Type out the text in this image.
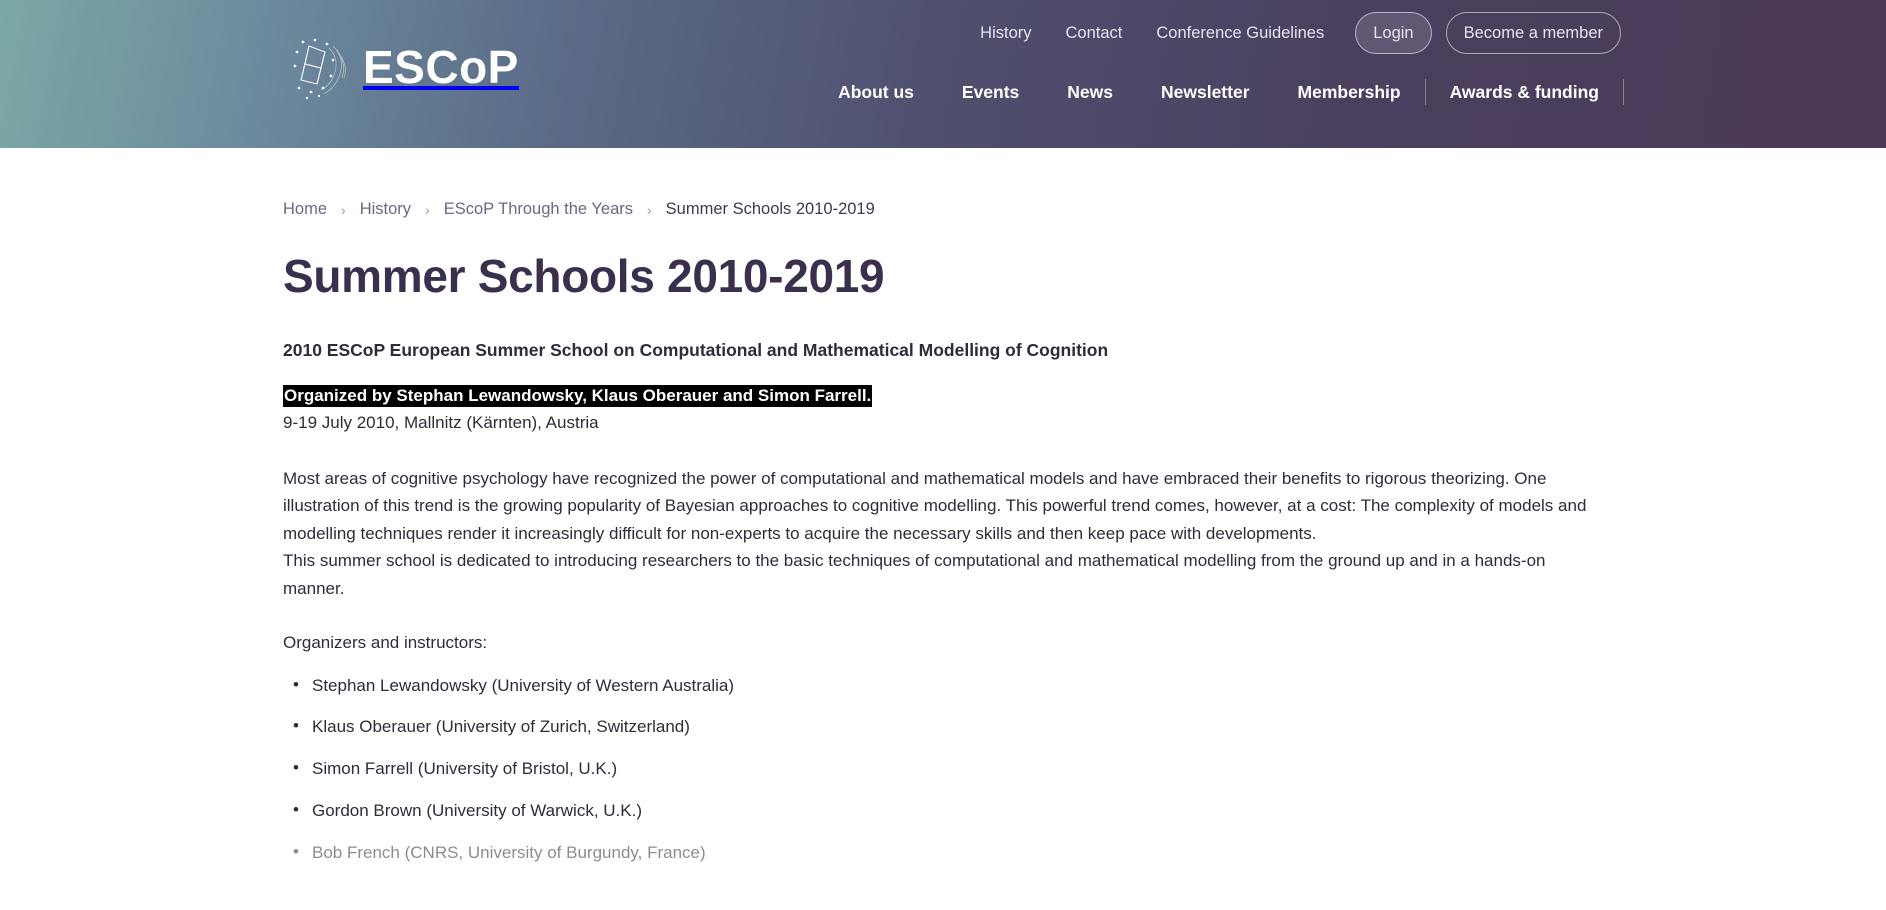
ESCoP
History	Contact	Conference Guidelines	Login	Become a member
About us	Events	News	Newsletter	Membership	Awards & funding
Home	› History	› EScoP Through the Years	› Summer Schools 2010-2019
Summer Schools 2010-2019

2010 ESCoP European Summer School on Computational and Mathematical Modelling of Cognition

Organized by Stephan Lewandowsky, Klaus Oberauer and Simon Farrell.

9-19 July 2010, Mallnitz (Kärnten), Austria

Most areas of cognitive psychology have recognized the power of computational and mathematical models and have embraced their benefits to rigorous theorizing. One illustration of this trend is the growing popularity of Bayesian approaches to cognitive modelling. This powerful trend comes, however, at a cost: The complexity of models and modelling techniques render it increasingly difficult for non-experts to acquire the necessary skills and then keep pace with developments.

This summer school is dedicated to introducing researchers to the basic techniques of computational and mathematical modelling from the ground up and in a hands-on manner.

Organizers and instructors:

• Stephan Lewandowsky (University of Western Australia)
• Klaus Oberauer (University of Zurich, Switzerland)
• Simon Farrell (University of Bristol, U.K.)
• Gordon Brown (University of Warwick, U.K.)
• Bob French (CNRS, University of Burgundy, France)
